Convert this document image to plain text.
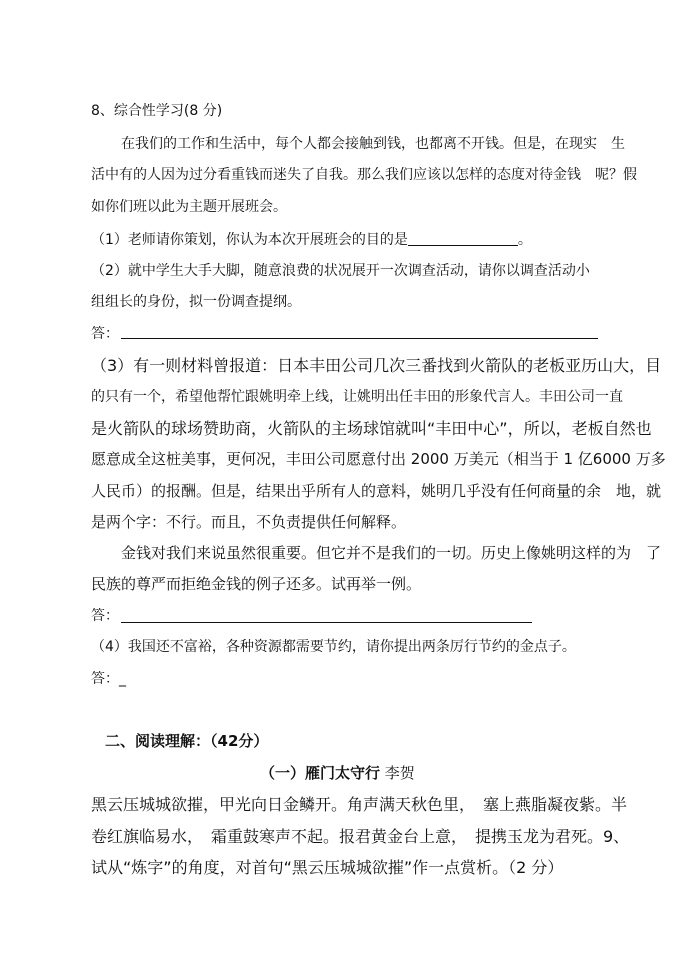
8、综合性学习(8 分)
在我们的工作和生活中，每个人都会接触到钱，也都离不开钱。但是，在现实　生
活中有的人因为过分看重钱而迷失了自我。那么我们应该以怎样的态度对待金钱　呢？假
如你们班以此为主题开展班会。
（1）老师请你策划，你认为本次开展班会的目的是	。
（2）就中学生大手大脚，随意浪费的状况展开一次调查活动，请你以调查活动小
组组长的身份，拟一份调查提纲。
答：
（3）有一则材料曾报道：日本丰田公司几次三番找到火箭队的老板亚历山大，目
的只有一个，希望他帮忙跟姚明牵上线，让姚明出任丰田的形象代言人。丰田公司一直
是火箭队的球场赞助商，火箭队的主场球馆就叫“丰田中心”，所以，老板自然也
愿意成全这桩美事，更何况，丰田公司愿意付出 2000 万美元（相当于 1 亿6000 万多
人民币）的报酬。但是，结果出乎所有人的意料，姚明几乎没有任何商量的余　地，就
是两个字：不行。而且，不负责提供任何解释。
金钱对我们来说虽然很重要。但它并不是我们的一切。历史上像姚明这样的为　了
民族的尊严而拒绝金钱的例子还多。试再举一例。
答：
（4）我国还不富裕，各种资源都需要节约，请你提出两条厉行节约的金点子。
答：_
二、阅读理解：（42分）
（一）雁门太守行 李贺
黑云压城城欲摧，甲光向日金鳞开。角声满天秋色里，　塞上燕脂凝夜紫。半
卷红旗临易水，　霜重鼓寒声不起。报君黄金台上意，　提携玉龙为君死。9、
试从“炼字”的角度，对首句“黑云压城城欲摧”作一点赏析。（2 分）
